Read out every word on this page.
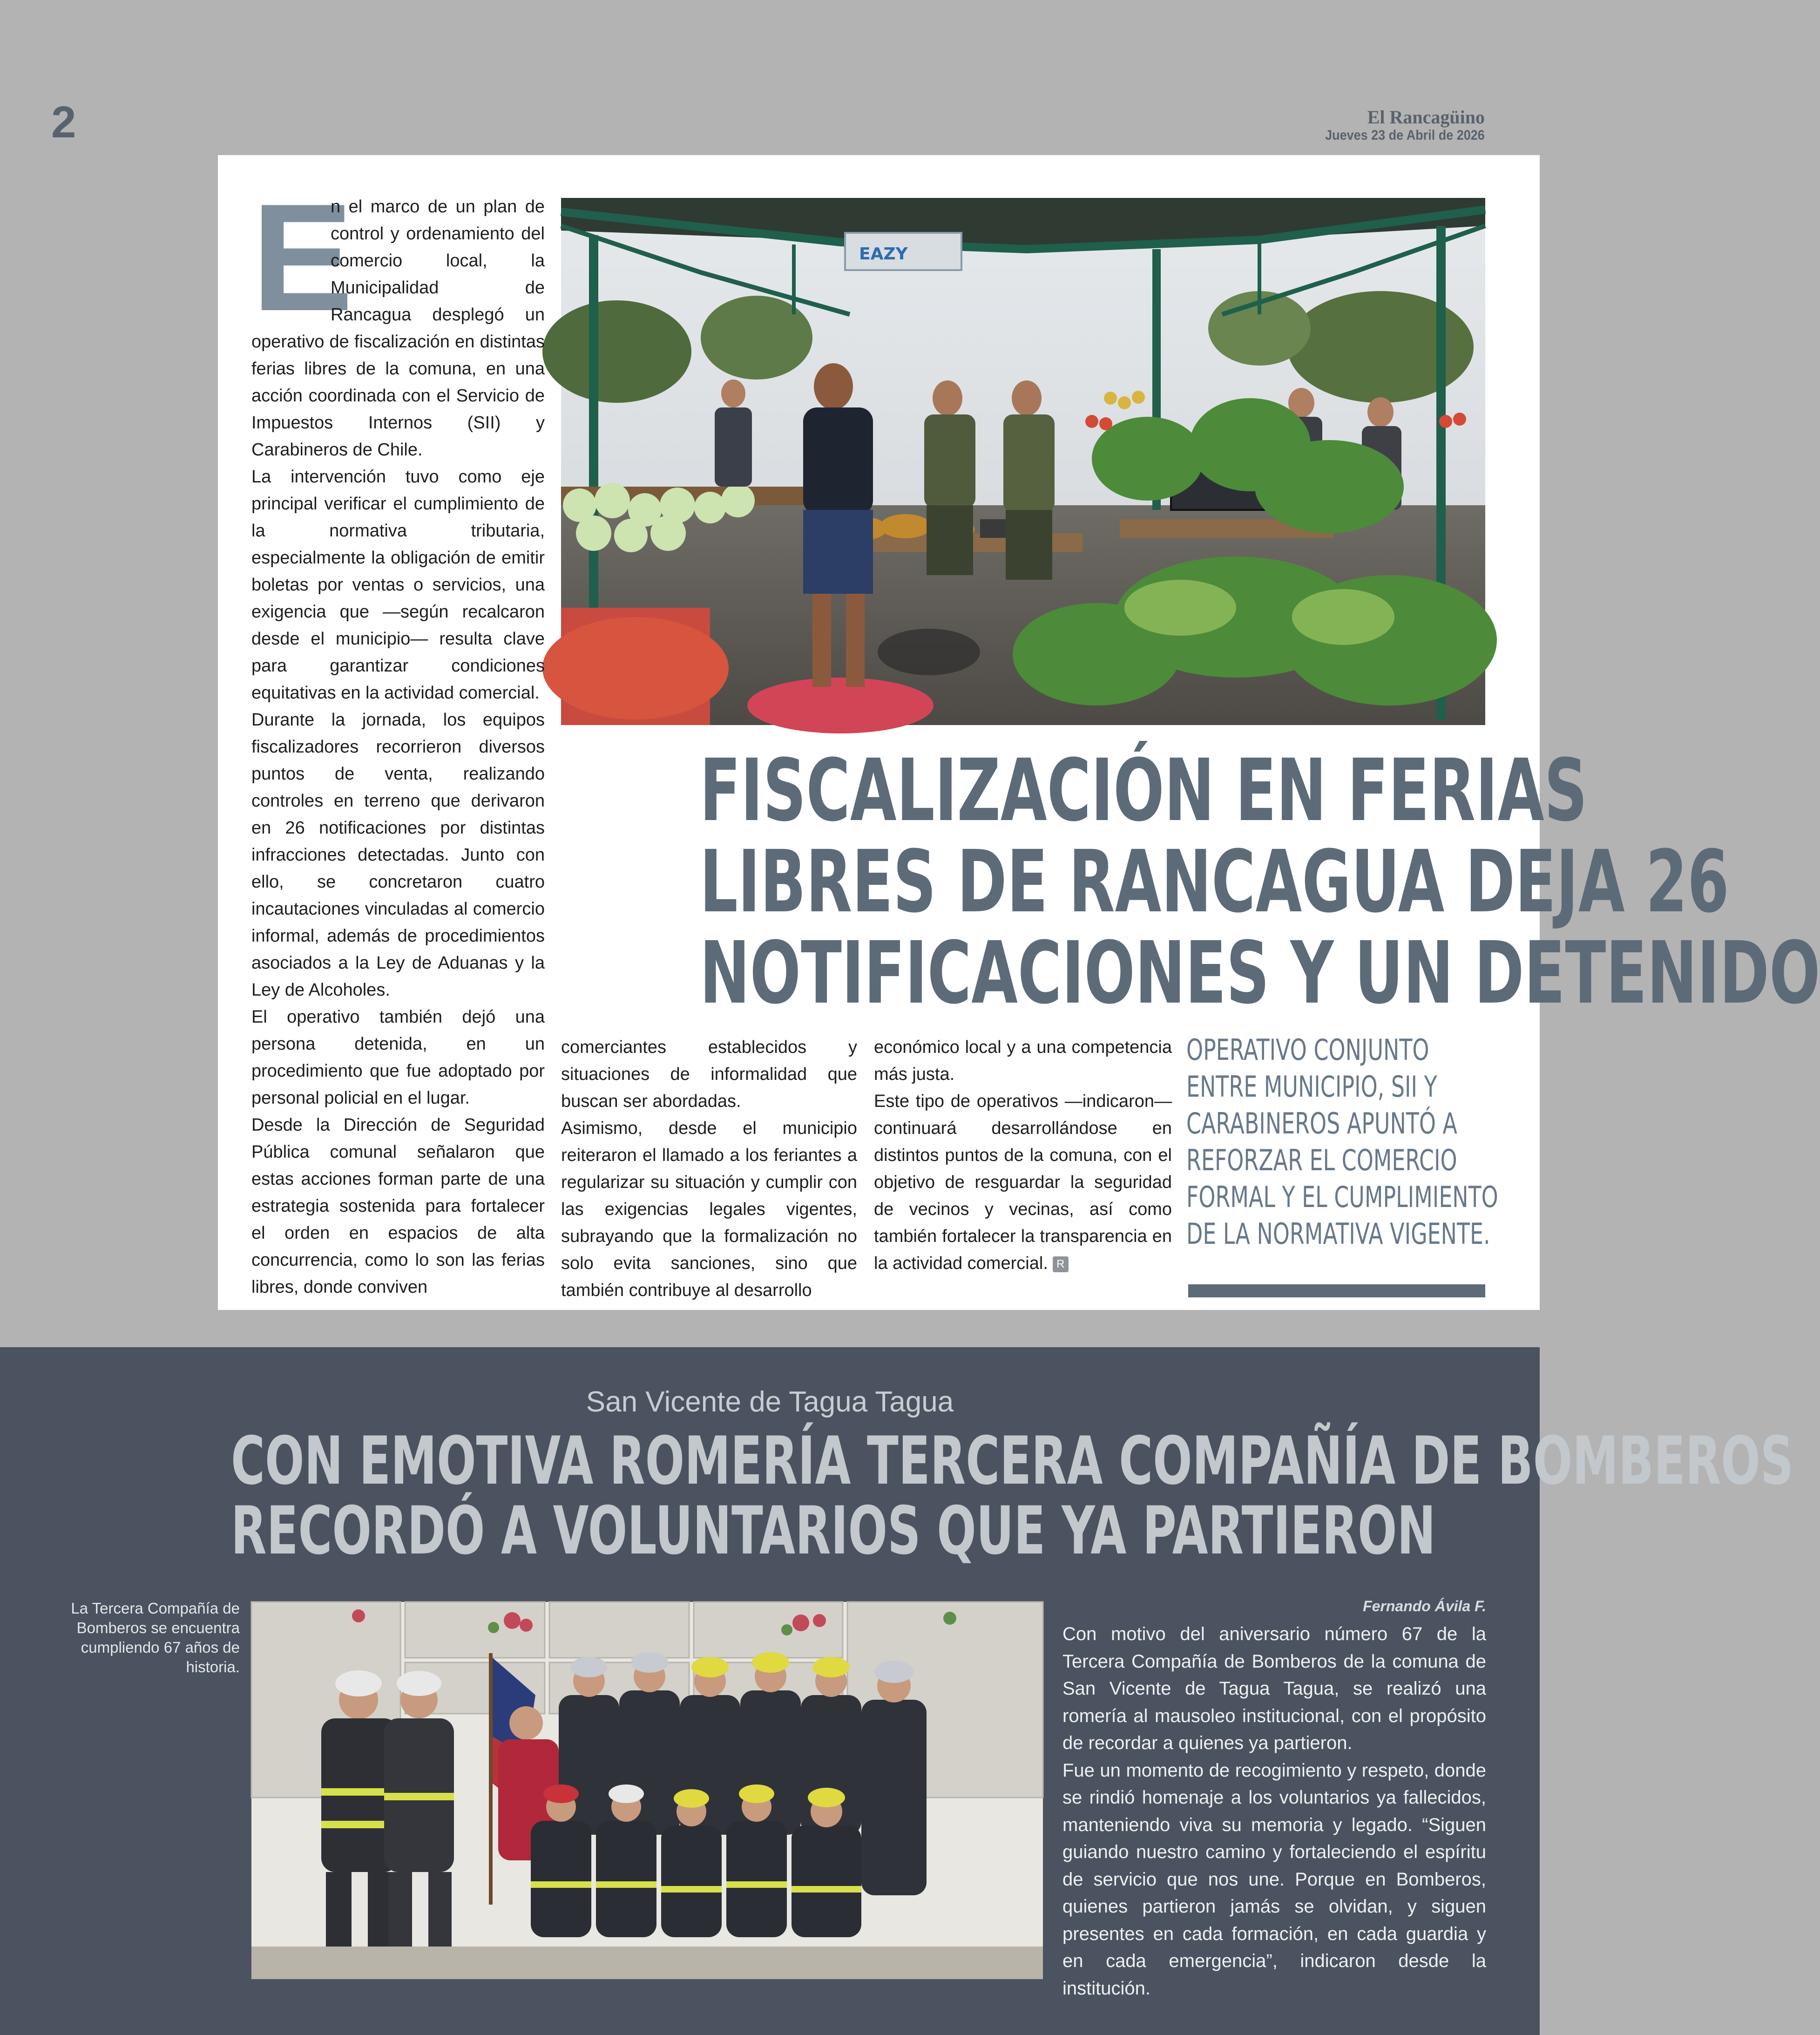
2	El Rancagüino
Jueves 23 de Abril de 2026
EAZY
FISCALIZACIÓN EN FERIAS
LIBRES DE RANCAGUA DEJA 26
NOTIFICACIONES Y UN DETENIDO
E

n el marco de un plan de control y ordenamiento del comercio local, la Municipalidad de Rancagua desplegó un operativo de fiscalización en distintas ferias libres de la comuna, en una acción coordinada con el Servicio de Impuestos Internos (SII) y Carabineros de Chile.

La intervención tuvo como eje principal verificar el cumplimiento de la normativa tributaria, especialmente la obligación de emitir boletas por ventas o servicios, una exigencia que —según recalcaron desde el municipio— resulta clave para garantizar condiciones equitativas en la actividad comercial.

Durante la jornada, los equipos fiscalizadores recorrieron diversos puntos de venta, realizando controles en terreno que derivaron en 26 notificaciones por distintas infracciones detectadas. Junto con ello, se concretaron cuatro incautaciones vinculadas al comercio informal, además de procedimientos asociados a la Ley de Aduanas y la Ley de Alcoholes.

El operativo también dejó una persona detenida, en un procedimiento que fue adoptado por personal policial en el lugar.

Desde la Dirección de Seguridad Pública comunal señalaron que estas acciones forman parte de una estrategia sostenida para fortalecer el orden en espacios de alta concurrencia, como lo son las ferias libres, donde conviven

comerciantes establecidos y situaciones de informalidad que buscan ser abordadas.

Asimismo, desde el municipio reiteraron el llamado a los feriantes a regularizar su situación y cumplir con las exigencias legales vigentes, subrayando que la formalización no solo evita sanciones, sino que también contribuye al desarrollo

económico local y a una competencia más justa.

Este tipo de operativos —indicaron— continuará desarrollándose en distintos puntos de la comuna, con el objetivo de resguardar la seguridad de vecinos y vecinas, así como también fortalecer la transparencia en la actividad comercial. R

OPERATIVO CONJUNTO
ENTRE MUNICIPIO, SII Y
CARABINEROS APUNTÓ A
REFORZAR EL COMERCIO
FORMAL Y EL CUMPLIMIENTO
DE LA NORMATIVA VIGENTE.
San Vicente de Tagua Tagua
CON EMOTIVA ROMERÍA TERCERA COMPAÑÍA DE BOMBEROS
RECORDÓ A VOLUNTARIOS QUE YA PARTIERON
La Tercera Compañía de Bomberos se encuentra cumpliendo 67 años de historia.
Fernando Ávila F.

Con motivo del aniversario número 67 de la Tercera Compañía de Bomberos de la comuna de San Vicente de Tagua Tagua, se realizó una romería al mausoleo institucional, con el propósito de recordar a quienes ya partieron.

Fue un momento de recogimiento y respeto, donde se rindió homenaje a los voluntarios ya fallecidos, manteniendo viva su memoria y legado. “Siguen guiando nuestro camino y fortaleciendo el espíritu de servicio que nos une. Porque en Bomberos, quienes partieron jamás se olvidan, y siguen presentes en cada formación, en cada guardia y en cada emergencia”, indicaron desde la institución.
